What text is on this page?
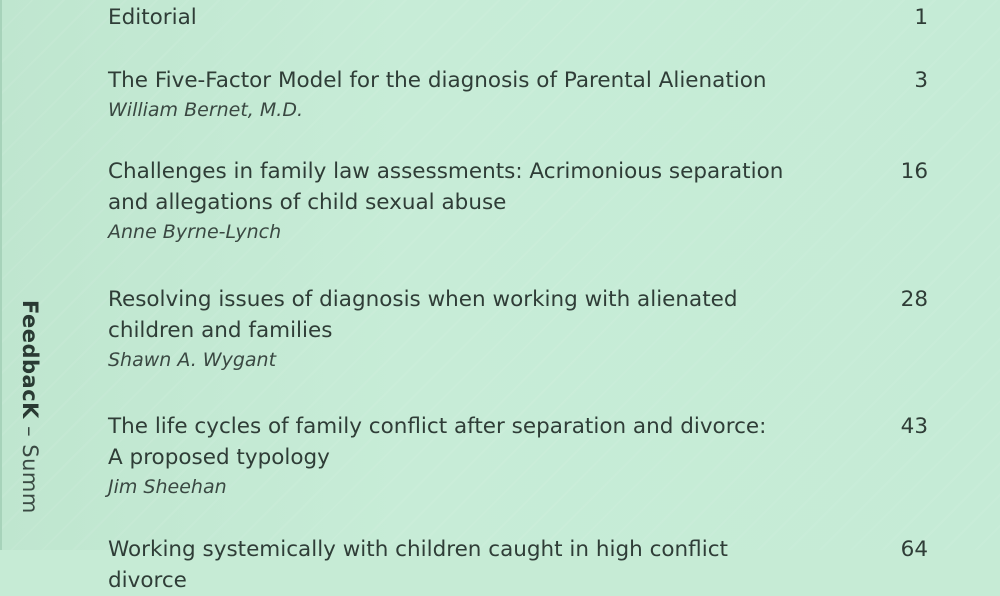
FeedbacK – Summ
Editorial	1
The Five-Factor Model for the diagnosis of Parental Alienation
William Bernet, M.D.
3
Challenges in family law assessments: Acrimonious separation
and allegations of child sexual abuse
Anne Byrne-Lynch
16
Resolving issues of diagnosis when working with alienated
children and families
Shawn A. Wygant
28
The life cycles of family conflict after separation and divorce:
A proposed typology
Jim Sheehan
43
Working systemically with children caught in high conflict divorce
64
